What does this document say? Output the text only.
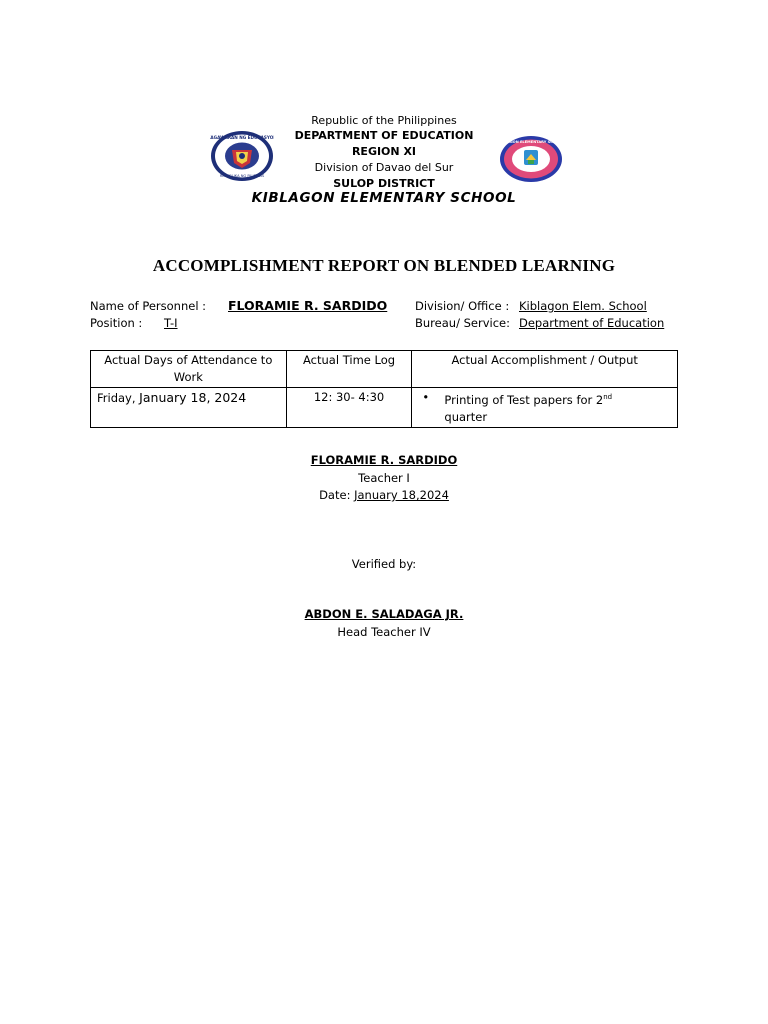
KAGAWARAN NG EDUKASYON
REPUBLIKA NG PILIPINAS
KIBLAGON ELEMENTARY SCHOOL
Republic of the Philippines
DEPARTMENT OF EDUCATION
REGION XI
Division of Davao del Sur
SULOP DISTRICT
KIBLAGON ELEMENTARY SCHOOL
ACCOMPLISHMENT REPORT ON BLENDED LEARNING
Name of Personnel : FLORAMIE R. SARDIDO
Position : T-I
Division/ Office : Kiblagon Elem. School
Bureau/ Service: Department of Education
Actual Days of Attendance to Work	Actual Time Log	Actual Accomplishment / Output
Friday, January 18, 2024	12: 30- 4:30	• Printing of Test papers for 2nd
quarter
FLORAMIE R. SARDIDO
Teacher I
Date: January 18,2024
Verified by:
ABDON E. SALADAGA JR.
Head Teacher IV
